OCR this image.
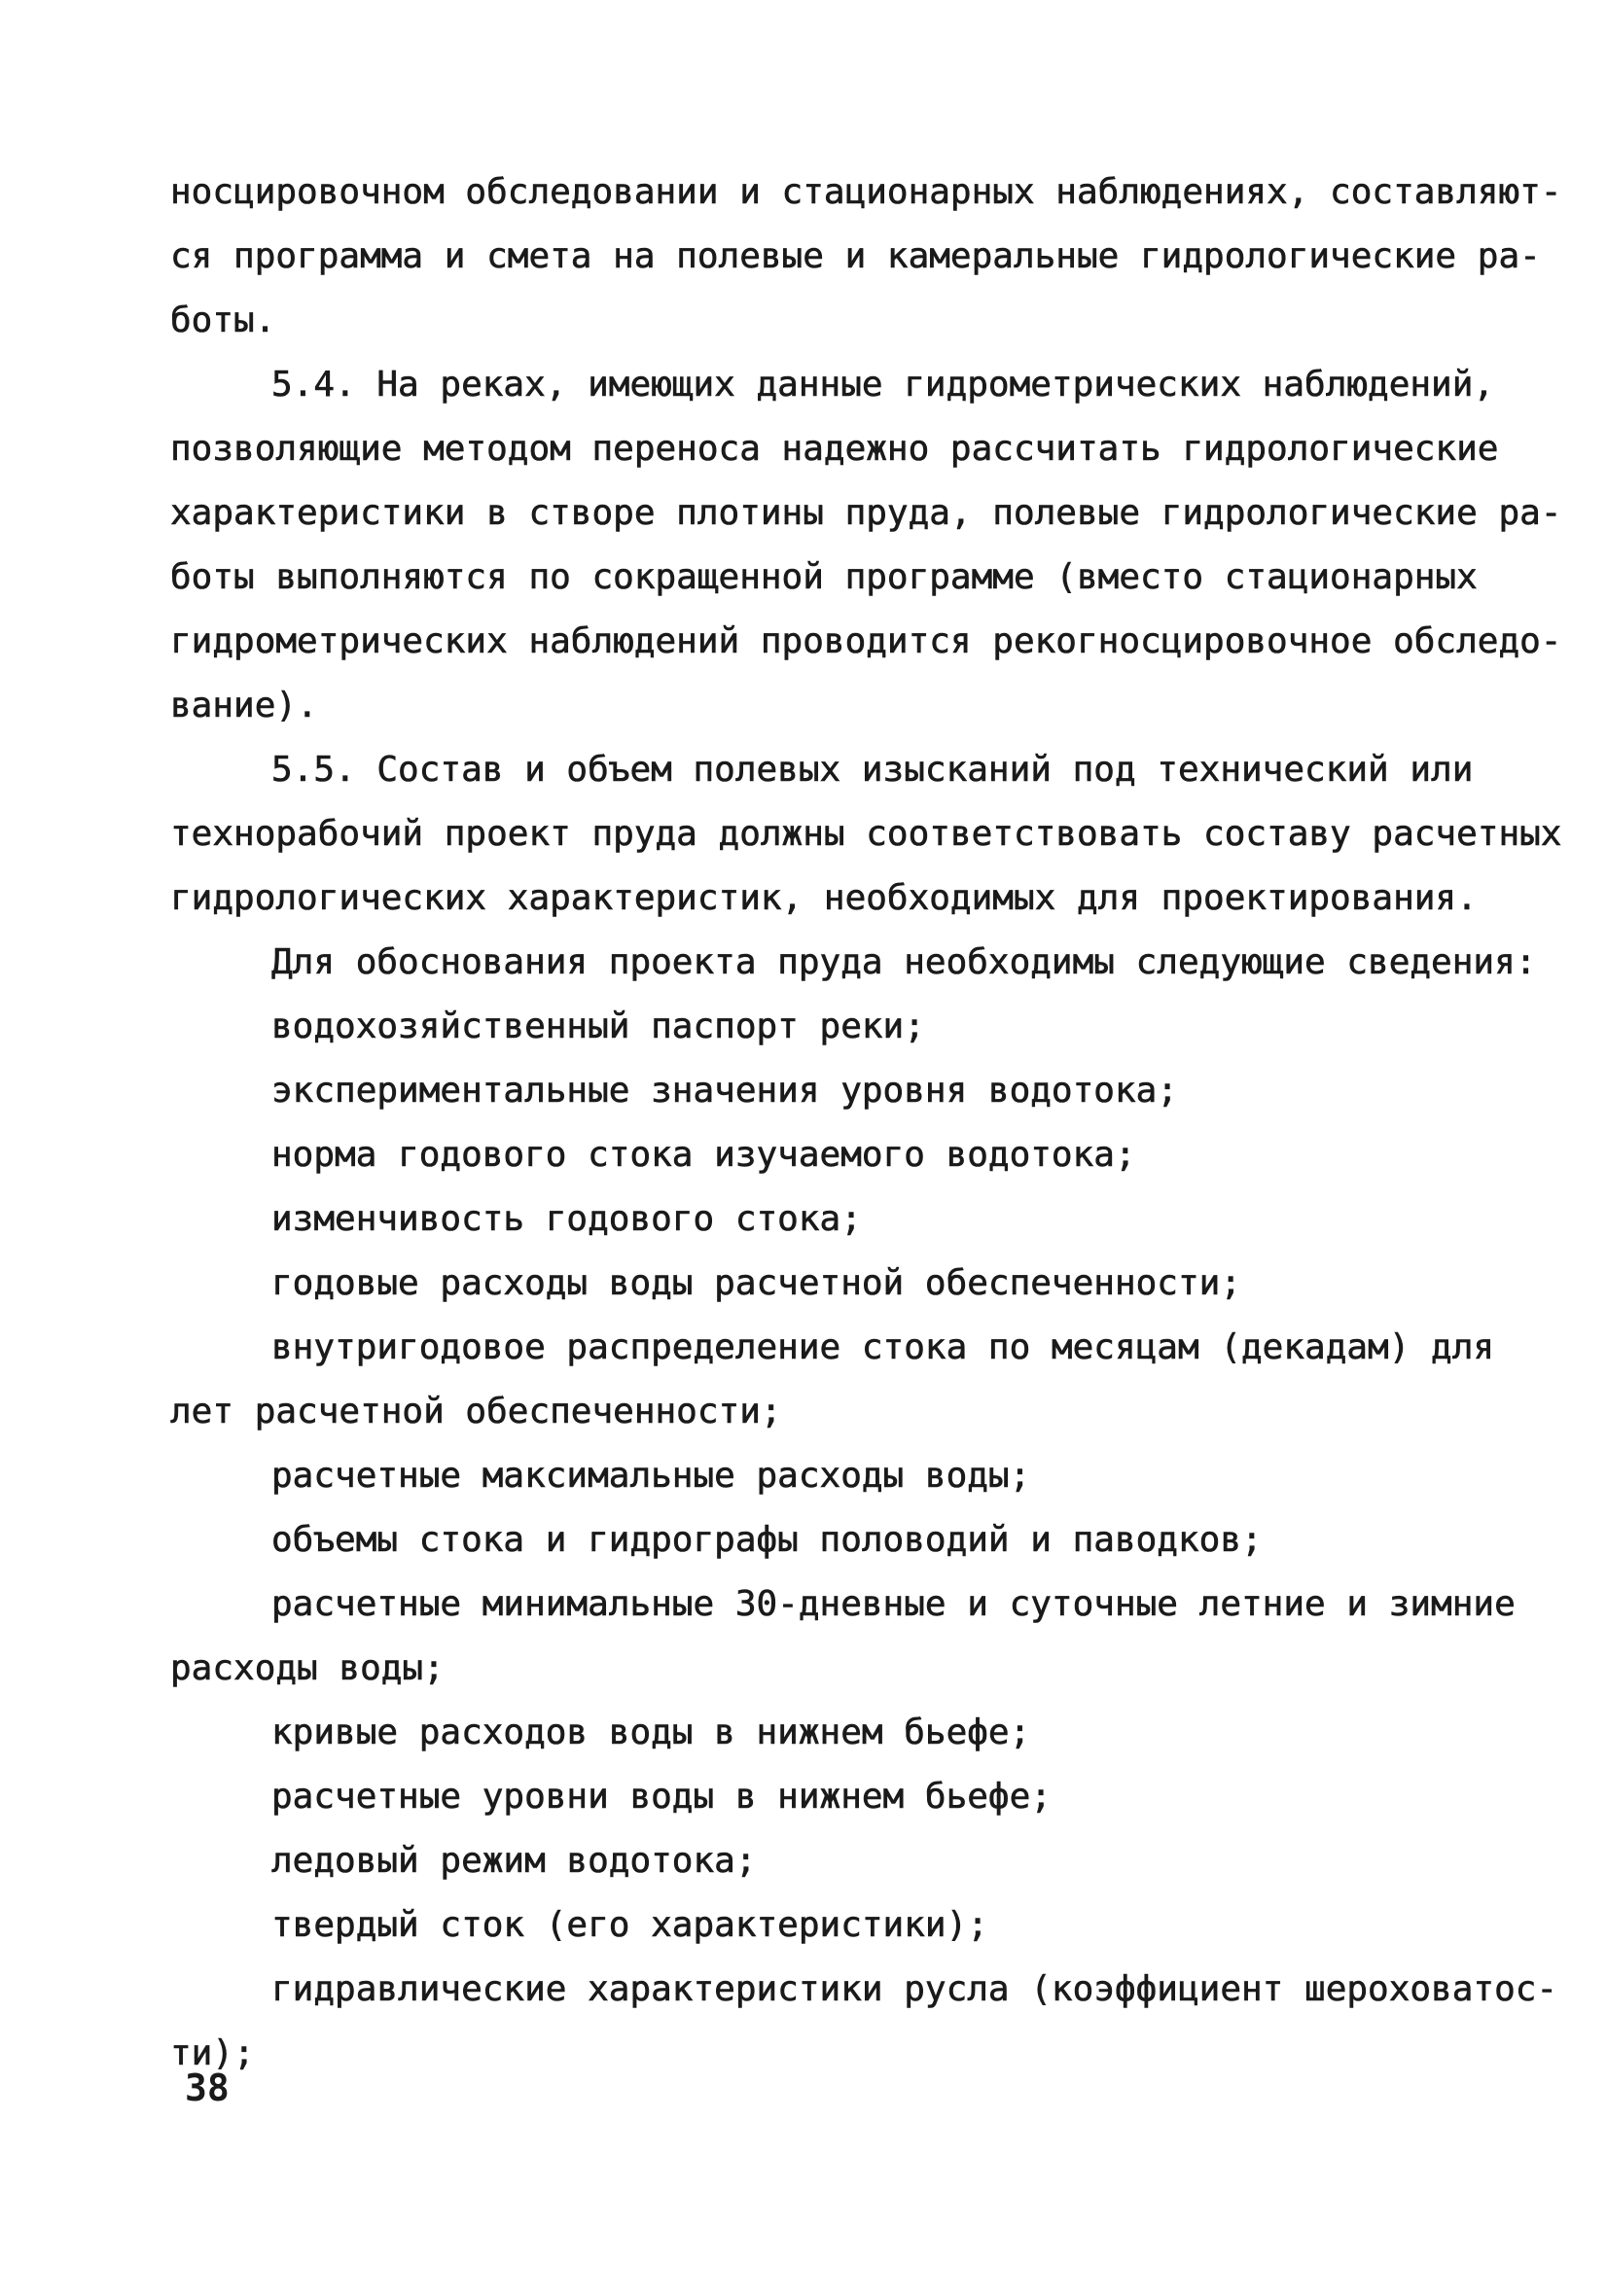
носцировочном обследовании и стационарных наблюдениях, составляют-
ся программа и смета на полевые и камеральные гидрологические ра-
боты.
5.4. На реках, имеющих данные гидрометрических наблюдений,
позволяющие методом переноса надежно рассчитать гидрологические
характеристики в створе плотины пруда, полевые гидрологические ра-
боты выполняются по сокращенной программе (вместо стационарных
гидрометрических наблюдений проводится рекогносцировочное обследо-
вание).
5.5. Состав и объем полевых изысканий под технический или
технорабочий проект пруда должны соответствовать составу расчетных
гидрологических характеристик, необходимых для проектирования.
Для обоснования проекта пруда необходимы следующие сведения:
водохозяйственный паспорт реки;
экспериментальные значения уровня водотока;
норма годового стока изучаемого водотока;
изменчивость годового стока;
годовые расходы воды расчетной обеспеченности;
внутригодовое распределение стока по месяцам (декадам) для
лет расчетной обеспеченности;
расчетные максимальные расходы воды;
объемы стока и гидрографы половодий и паводков;
расчетные минимальные 30-дневные и суточные летние и зимние
расходы воды;
кривые расходов воды в нижнем бьефе;
расчетные уровни воды в нижнем бьефе;
ледовый режим водотока;
твердый сток (его характеристики);
гидравлические характеристики русла (коэффициент шероховатос-
ти);
38
